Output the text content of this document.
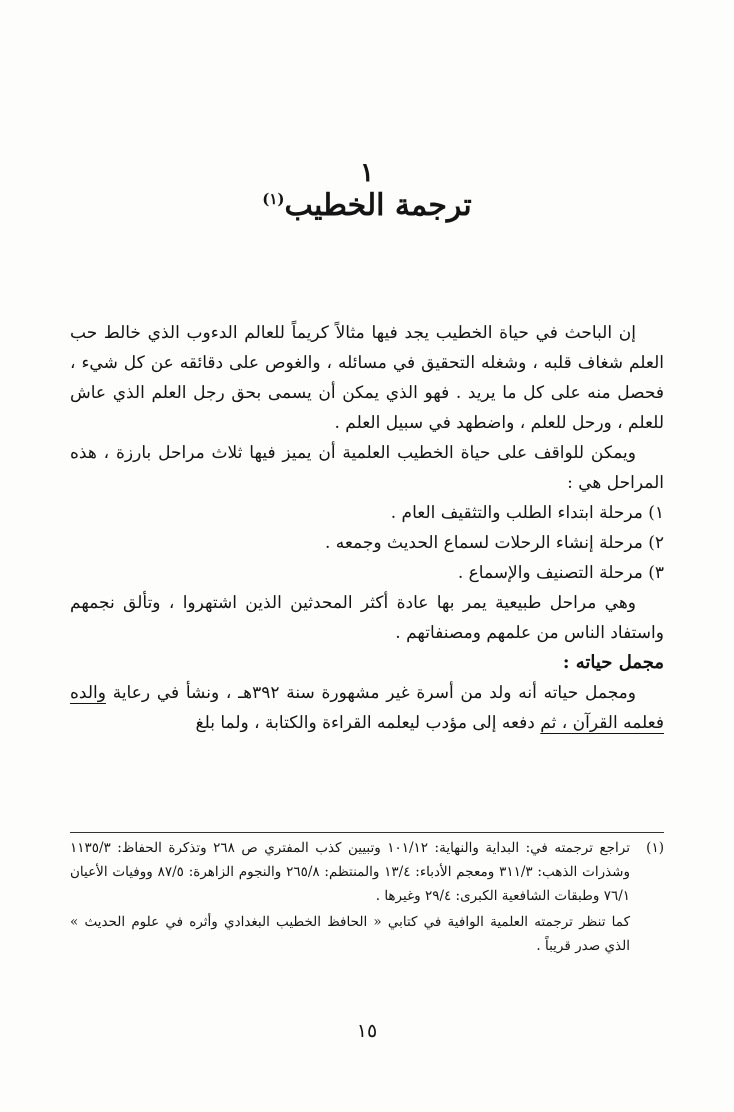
١
ترجمة الخطيب$^{(١)}$

إن الباحث في حياة الخطيب يجد فيها مثالاً كريماً للعالم الدءوب الذي خالط حب العلم شغاف قلبه ، وشغله التحقيق في مسائله ، والغوص على دقائقه عن كل شيء ، فحصل منه على كل ما يريد . فهو الذي يمكن أن يسمى بحق رجل العلم الذي عاش للعلم ، ورحل للعلم ، واضطهد في سبيل العلم .

ويمكن للواقف على حياة الخطيب العلمية أن يميز فيها ثلاث مراحل بارزة ، هذه المراحل هي :

١) مرحلة ابتداء الطلب والتثقيف العام .

٢) مرحلة إنشاء الرحلات لسماع الحديث وجمعه .

٣) مرحلة التصنيف والإسماع .

وهي مراحل طبيعية يمر بها عادة أكثر المحدثين الذين اشتهروا ، وتألق نجمهم واستفاد الناس من علمهم ومصنفاتهم .

مجمل حياته :

ومجمل حياته أنه ولد من أسرة غير مشهورة سنة ٣٩٢هـ ، ونشأ في رعاية والده فعلمه القرآن ، ثم دفعه إلى مؤدب ليعلمه القراءة والكتابة ، ولما بلغ

(١)
تراجع ترجمته في: البداية والنهاية: ١٠١/١٢ وتبيين كذب المفتري ص ٢٦٨ وتذكرة الحفاظ: ١١٣٥/٣ وشذرات الذهب: ٣١١/٣ ومعجم الأدباء: ١٣/٤ والمنتظم: ٢٦٥/٨ والنجوم الزاهرة: ٨٧/٥ ووفيات الأعيان ٧٦/١ وطبقات الشافعية الكبرى: ٢٩/٤ وغيرها .
كما تنظر ترجمته العلمية الوافية في كتابي « الحافظ الخطيب البغدادي وأثره في علوم الحديث » الذي صدر قريباً .
١٥
